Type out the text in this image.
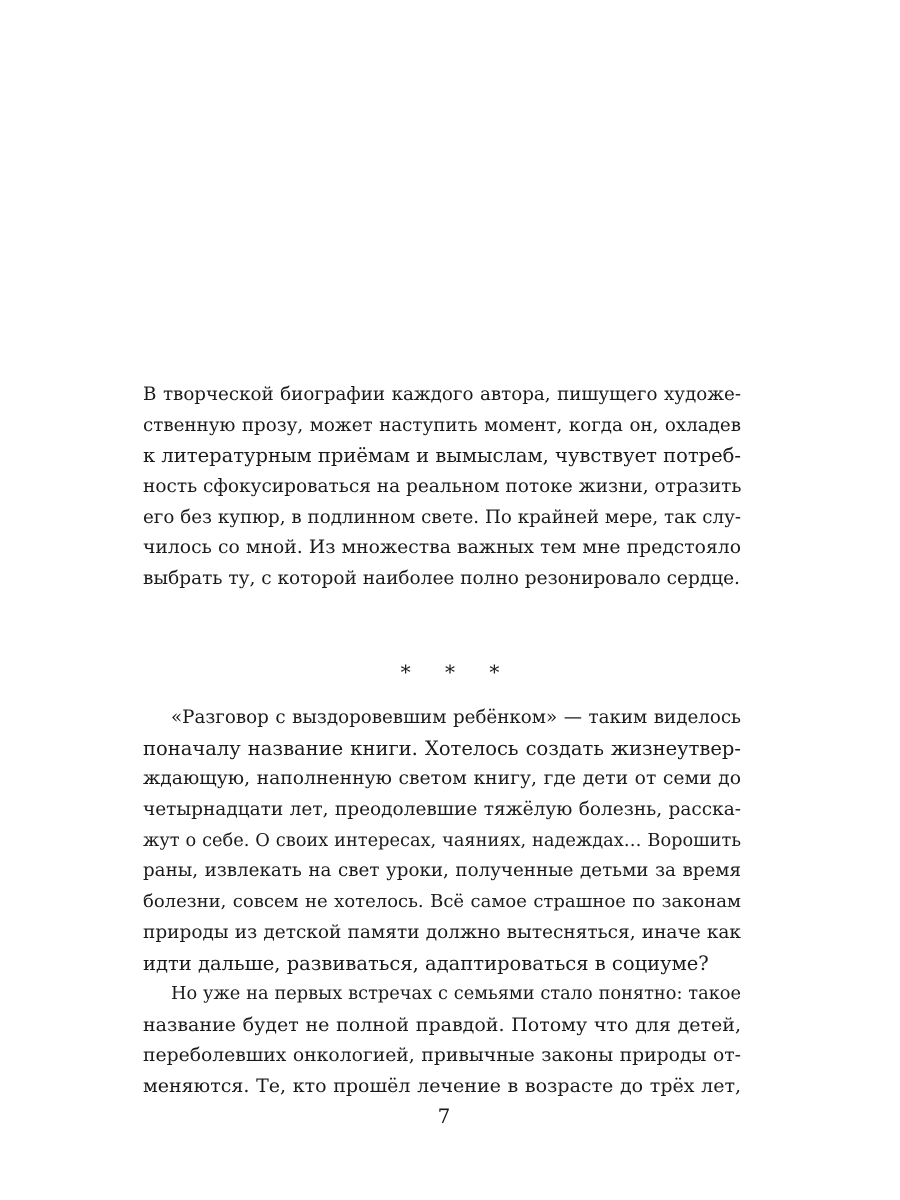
В творческой биографии каждого автора, пишущего художе-
ственную прозу, может наступить момент, когда он, охладев
к литературным приёмам и вымыслам, чувствует потреб-
ность сфокусироваться на реальном потоке жизни, отразить
его без купюр, в подлинном свете. По крайней мере, так слу-
чилось со мной. Из множества важных тем мне предстояло
выбрать ту, с которой наиболее полно резонировало сердце.
* * *
«Разговор с выздоровевшим ребёнком» — таким виделось
поначалу название книги. Хотелось создать жизнеутвер-
ждающую, наполненную светом книгу, где дети от семи до
четырнадцати лет, преодолевшие тяжёлую болезнь, расска-
жут о себе. О своих интересах, чаяниях, надеждах… Ворошить
раны, извлекать на свет уроки, полученные детьми за время
болезни, совсем не хотелось. Всё самое страшное по законам
природы из детской памяти должно вытесняться, иначе как
идти дальше, развиваться, адаптироваться в социуме?
Но уже на первых встречах с семьями стало понятно: такое
название будет не полной правдой. Потому что для детей,
переболевших онкологией, привычные законы природы от-
меняются. Те, кто прошёл лечение в возрасте до трёх лет,
7
